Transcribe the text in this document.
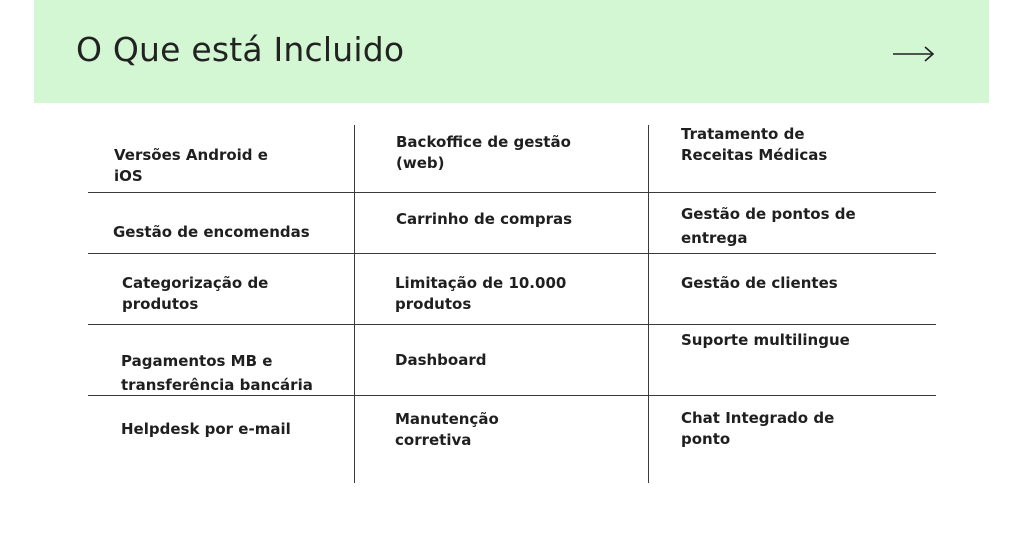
O Que está Incluido
Versões Android e iOS
Backoffice de gestão (web)
Tratamento de Receitas Médicas
Gestão de encomendas
Carrinho de compras	Gestão de pontos de entrega
Categorização de produtos
Limitação de 10.000 produtos
Gestão de clientes
Pagamentos MB e transferência bancária
Dashboard
Suporte multilingue
Helpdesk por e-mail
Manutenção corretiva
Chat Integrado de ponto
